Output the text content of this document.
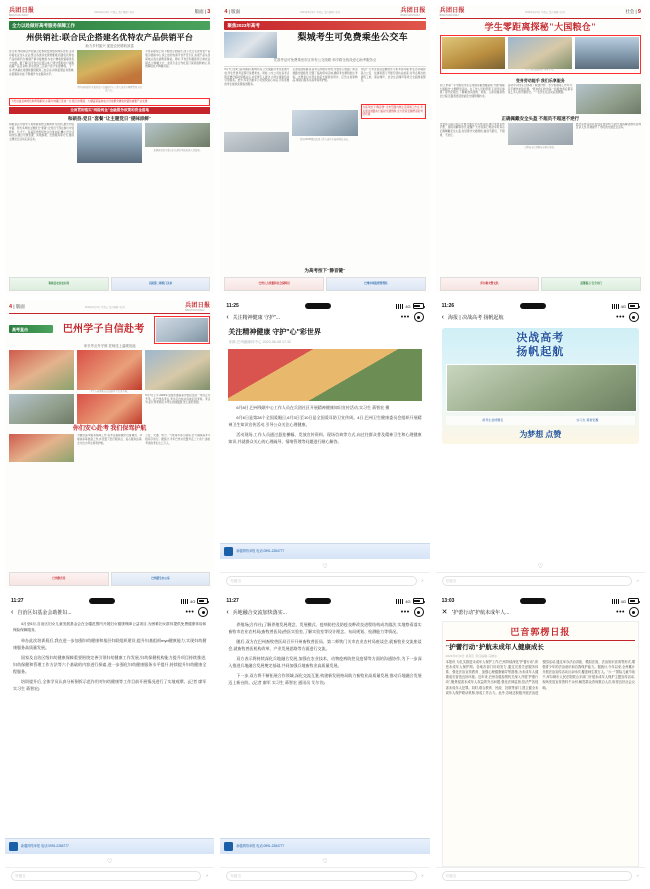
兵团日报
BINGTUAN DAILY
2023年6月9日 星期五 责任编辑 / 校对	版面 | 3
全力以赴做好高考服务保障工作
州供销社:联合民企搭建名优特农产品供销平台
助力乡村振兴 促进农民增收致富
连日来,州供销合作社联合社积极发挥组织体系优势,主动对接农业龙头企业,整合各类涉农资源要素,搭建名优特农产品供销平台,畅通产销对接渠道,为农户增收致富提供有力支撑。据了解,该平台自运营以来,已累计帮助农户销售农副产品百余吨,带动周边三百余户农户实现增收。下一步,州供销社将继续围绕服务三农宗旨,持续拓展业务领域,完善服务功能,不断提升为农服务水平。
图为州供销社名优特农产品展销中心工作人员正在整理货架上的农产品。
平台采取线上线下相结合的模式,线下设立名优特农产品展示展销中心,线上依托电商平台开设专区,实现产品从田间地头直达消费者餐桌。同时,平台还积极探索订单农业模式,与种植大户、农民专业合作社签订保底收购协议,有效降低农户种植风险。
下好这盘县域特色种养殖棋局,小镇与城镇已连成一片,数万亩果园、大棚蔬菜基地成为当地群众增收致富的重要产业支撑
全面贯彻落实"两险两金"金融服务政策和资金落地
和硕县:党日"套餐"让主题党日"提味添鲜"
和硕县以开展学习贯彻新思想主题教育为契机,推出内容丰富、形式多样的主题党日"套餐",让党员干部在参与中受教育、长才干。各基层党组织结合自身实际,精心设计活动内容,通过专题党课、实地参观、志愿服务等方式,推动主题党日活动走深走实。
和硕县党员干部在红色教育基地重温入党誓词。
和硕县农业农村局	兵团第二师铁门关市
4 | 版面	2023年6月9日 星期五 责任编辑 / 校对	兵团日报
BINGTUAN DAILY
聚焦2023年高考
梨城考生可免费乘坐公交车
凭准考证可免费乘坐市区所有公交线路 和平路全线设爱心助考服务点
6月7日至9日高考期间,梨城所有公交线路对考生免费开放,考生凭准考证即可免费乘坐。同时,公交公司在各考点附近增设临时停靠站点,并安排专人值守,为考生提供咨询引导服务。此外,多家出租车公司组织爱心车队,为有需要的考生提供免费接送服务。
记者在现场看到,各考点外秩序井然,交警部门加强了周边道路交通疏导,设置了临时停车区域,确保考生顺利抵达考场。志愿者们为考生和家长提供饮用水、应急文具等物品,用贴心服务为高考保驾护航。
巴州12345便民热线工作人员正在接听群众来电。
为给广大考生营造安静的学习和考试环境,市生态环境局联合公安、住建等部门开展专项执法检查,对考点周边的建筑工地、商业噪声、社会生活噪声等进行全面排查整治。
为高考按下"静音键",全市范围内禁止夜间施工作业,考点周边道路实行临时交通管制,全力营造安静舒适的考试环境
为高考按下"静音键"
巴州人力资源和社会保障局	巴州市场监督管理局
兵团日报
BINGTUAN DAILY
2023年6月9日 星期五 责任编辑 / 校对	社会 | 9
学生零距离探秘"大国粮仓"
学生在粮食储备库参观学习。
变身劳动能手 我们乐享服务
近日,市第一小学组织学生走进国家粮食储备库,开展"探秘大国粮仓"主题研学活动。在工作人员的带领下,同学们参观了现代化粮仓,了解粮食从收购、检验、入库到储存的全过程,近距离感受智能化仓储管理技术。
活动中,同学们还体验了粮食扦样、水分检测等工作环节,亲手操作检验仪器。"原来我们吃的每一粒粮食背后都有这么多人的辛勤付出。"一名学生在活动后感慨道。
正确佩戴安全头盔 不超员不超速不逆行
交警部门联合社区开展交通安全宣传活动,通过发放宣传手册、现场讲解等形式,提醒广大市民骑行电动车时务必正确佩戴安全头盔,自觉遵守交通规则,做到不超员、不超速、不逆行。
交警向市民讲解安全骑行知识。
此次宣传活动共发放宣传资料千余份,现场解答群众咨询百余人次,有效提升了市民的交通安全意识。
库尔勒交警支队	温馨提示 安全出行
4 | 版面	2023年6月9日 星期五 责任编辑 / 校对	兵团日报
BINGTUAN DAILY
高考直击	巴州学子自信赴考
家长考点外守候 老师送上温暖祝福
考生在老师和家长的陪伴下走进考场。
6月7日上午,2023年全国普通高等学校招生统一考试正式开考。在巴州各考点,考生们自信从容地走进考场。考点外,家长和老师们为考生加油鼓劲,送上美好祝愿。
你们安心赴考 我们保驾护航
为做好高考服务保障工作,各考点提前做好设备调试、环境消杀等准备工作,并设置了医疗服务点、爱心服务站等,全方位为考生保驾护航。
公安、交通、电力、气象等多部门联动,全力保障高考平稳有序进行。据统计,今年巴州共设置考点二十余个,参加考试的考生达上万人。
巴州教育局	巴州招生办公室
11:25	4G
‹ 关注精神健康 守护"...	•••
关注精神健康 守护"心"彩世界
来源:巴州融媒体中心 2023-06-08 17:32
6月8日,巴州残联中心工作人员在兵团社区开展精神健康知识宣传活动,实习生 蒋智宏 摄
6月6日是第28个全国爱眼日,6月3日至10日是全国爱耳防卫宣传周。4日,巴州卫生健康委员会组织开展精神卫生知识宣传活动,引导公众关注心理健康。
活动现场,工作人员通过悬挂横幅、发放宣传资料、现场咨询等方式,向过往群众普及精神卫生和心理健康知识,并就群众关心的心理疏导、情绪管理等问题进行耐心解答。
新疆网络举报 电话:0991-2284777
♡
写留言	↗
11:26	4G
‹ 海报 | 决战高考 扬帆起航	•••
决战高考
扬帆起航
祝考生金榜题名	实习生 蒋智宏摄
为梦想 点赞
♡
写留言	↗
11:27	4G
‹ 自治区妇基金会助推妇...	•••
4月至6月,自治区妇女儿童发展基金会在全疆范围内开展妇女健康保障公益项目,为困难妇女群体提供免费健康体检和保险保障服务。
单办此次培训班后,我在进一步加强妇幼健康和基层妇联组织建设,提升妇基组织myd健康能力,实现妇幼健康服务高质量发展。
国家及自治区级妇幼健康保障重要围绕完善引领妇幼健康工作发展,妇幼保健机构能力提升项目持续推进,妇幼保健和管理工作方法等六个基础的内容进行探索,进一步强化妇幼健康服务水平提升,持续提升妇幼健康全程服务。
培训提升后,全体学员认真分析倒拆示范作用对妇幼健康等工作目前开展情况进行了实地观摩。(记者 廖军 实习生 蒋智宏)
新疆网络举报 电话:0991-2284777
♡
写留言	↗
11:27	4G
‹ 兵地融合交流加快落实...	•••
养殖场(合作社)了解养殖发展理念、发展模式、疫病防控及防疫良种改良进程结构成功做法,实地察看落实畜牧市农业农村局(畜牧兽医局)兽医实验室,了解实验室等设计理念、布局规划、检测能力等情况。
随后,双方在巴州畜牧兽医局召开开州畜牧兽医局、第二师铁门关市农业农村局座谈会,就畜牧业交流座谈会,就畜牧兽医机构改革、产业发展思路等方面进行交流。
双方表示将持续深化兵地融合发展,加强在农业技术、动物疫病防控及疫情等方面的沟通协作,为下一步深入推进兵地融合发展奠定基础,共同加强兵地畜牧业高质量发展。
下一步,双方将不断拓展合作领域,深化交流互鉴,构建新发展格局助力畜牧业高质量发展,推动兵地融合发展迈上新台阶。(记者 廖军 实习生 蒋智宏 通讯员 艾尔肯)
新疆网络举报 电话:0991-2284777
♡
写留言	↗
13:03	4G
✕ "护蕾行动"护航未成年人...	•••
巴音郭楞日报
"护蕾行动"护航未成年人健康成长
2023年6月9日 星期五 责任编辑 马晓东
本报讯 为扎实推进未成年人保护工作,巴州持续深化"护蕾行动",织密未成年人保护网。各地各部门协同发力,通过完善关爱服务体系、强化法治宣传教育、加强心理健康辅导等措施,为未成年人健康成长营造良好环境。近年来,巴州各级检察机关深入开展"护蕾行动",聚焦侵害未成年人权益的突出问题,强化法律监督,依法严惩侵害未成年人犯罪。同时,联合教育、民政、妇联等部门,建立健全未成年人保护联动机制,形成工作合力。此外,各地还积极开展法治进校园活动,通过举办法治讲座、模拟法庭、法治知识竞赛等形式,增强青少年的法治意识和自我保护能力。据统计,今年以来,全州累计开展法治宣传活动百余场次,覆盖师生数万人。"六一"国际儿童节前夕,库尔勒市人民法院联合多部门开展未成年人保护主题宣传活动,现场发放宣传资料千余份,解答群众咨询数百人次,取得良好社会反响。
写留言	↗
